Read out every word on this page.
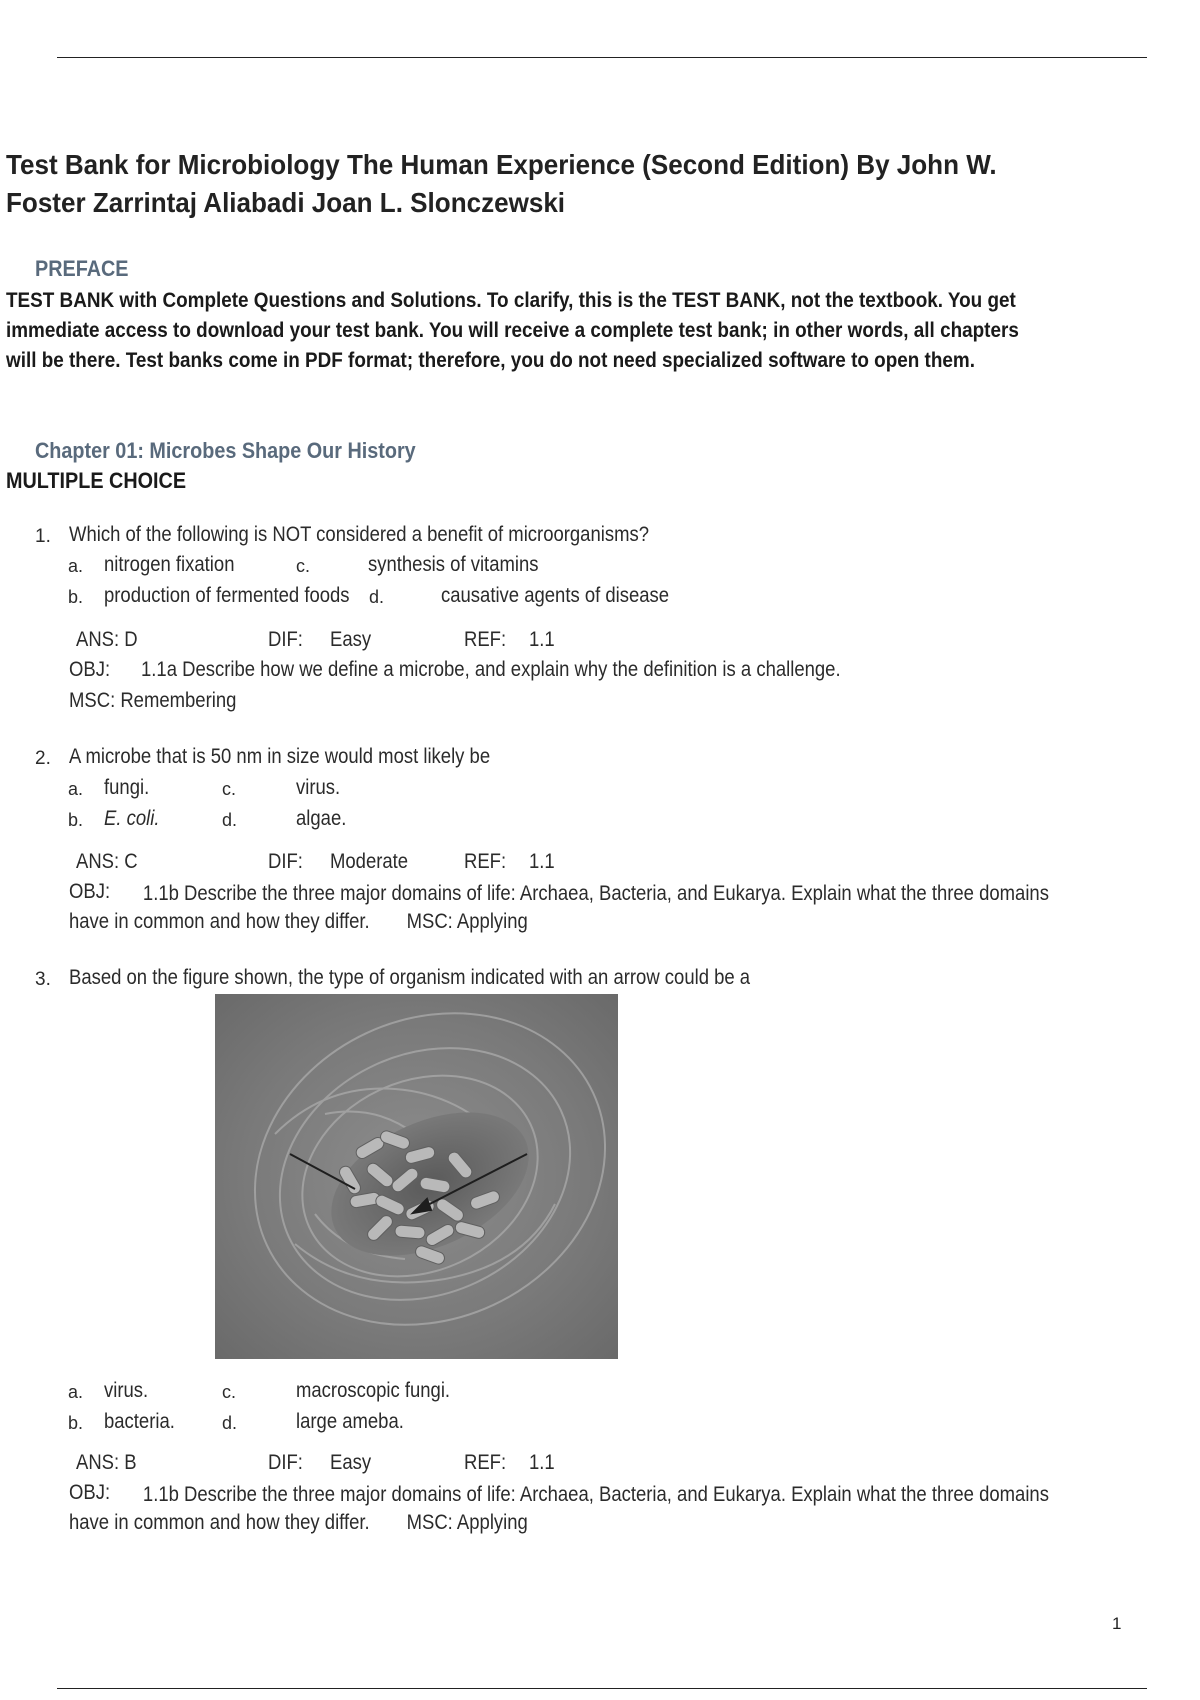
Test Bank for Microbiology The Human Experience (Second Edition) By John W. Foster Zarrintaj Aliabadi Joan L. Slonczewski
PREFACE
TEST BANK with Complete Questions and Solutions. To clarify, this is the TEST BANK, not the textbook. You get immediate access to download your test bank. You will receive a complete test bank; in other words, all chapters will be there. Test banks come in PDF format; therefore, you do not need specialized software to open them.
Chapter 01: Microbes Shape Our History
MULTIPLE CHOICE
1. Which of the following is NOT considered a benefit of microorganisms?
a. nitrogen fixation	c.	synthesis of vitamins
b. production of fermented foods d.	causative agents of disease
ANS: D	DIF: Easy	REF: 1.1
OBJ: 1.1a Describe how we define a microbe, and explain why the definition is a challenge.
MSC: Remembering
2. A microbe that is 50 nm in size would most likely be
a. fungi.	c.	virus.
b. E. coli.	d.	algae.
ANS: C	DIF: Moderate	REF: 1.1
OBJ:	1.1b Describe the three major domains of life: Archaea, Bacteria, and Eukarya. Explain what the three domains have in common and how they differ. MSC: Applying
3. Based on the figure shown, the type of organism indicated with an arrow could be a
a. virus.	c.	macroscopic fungi.
b. bacteria.	d.	large ameba.
ANS: B	DIF: Easy	REF: 1.1
OBJ:	1.1b Describe the three major domains of life: Archaea, Bacteria, and Eukarya. Explain what the three domains have in common and how they differ. MSC: Applying
1
